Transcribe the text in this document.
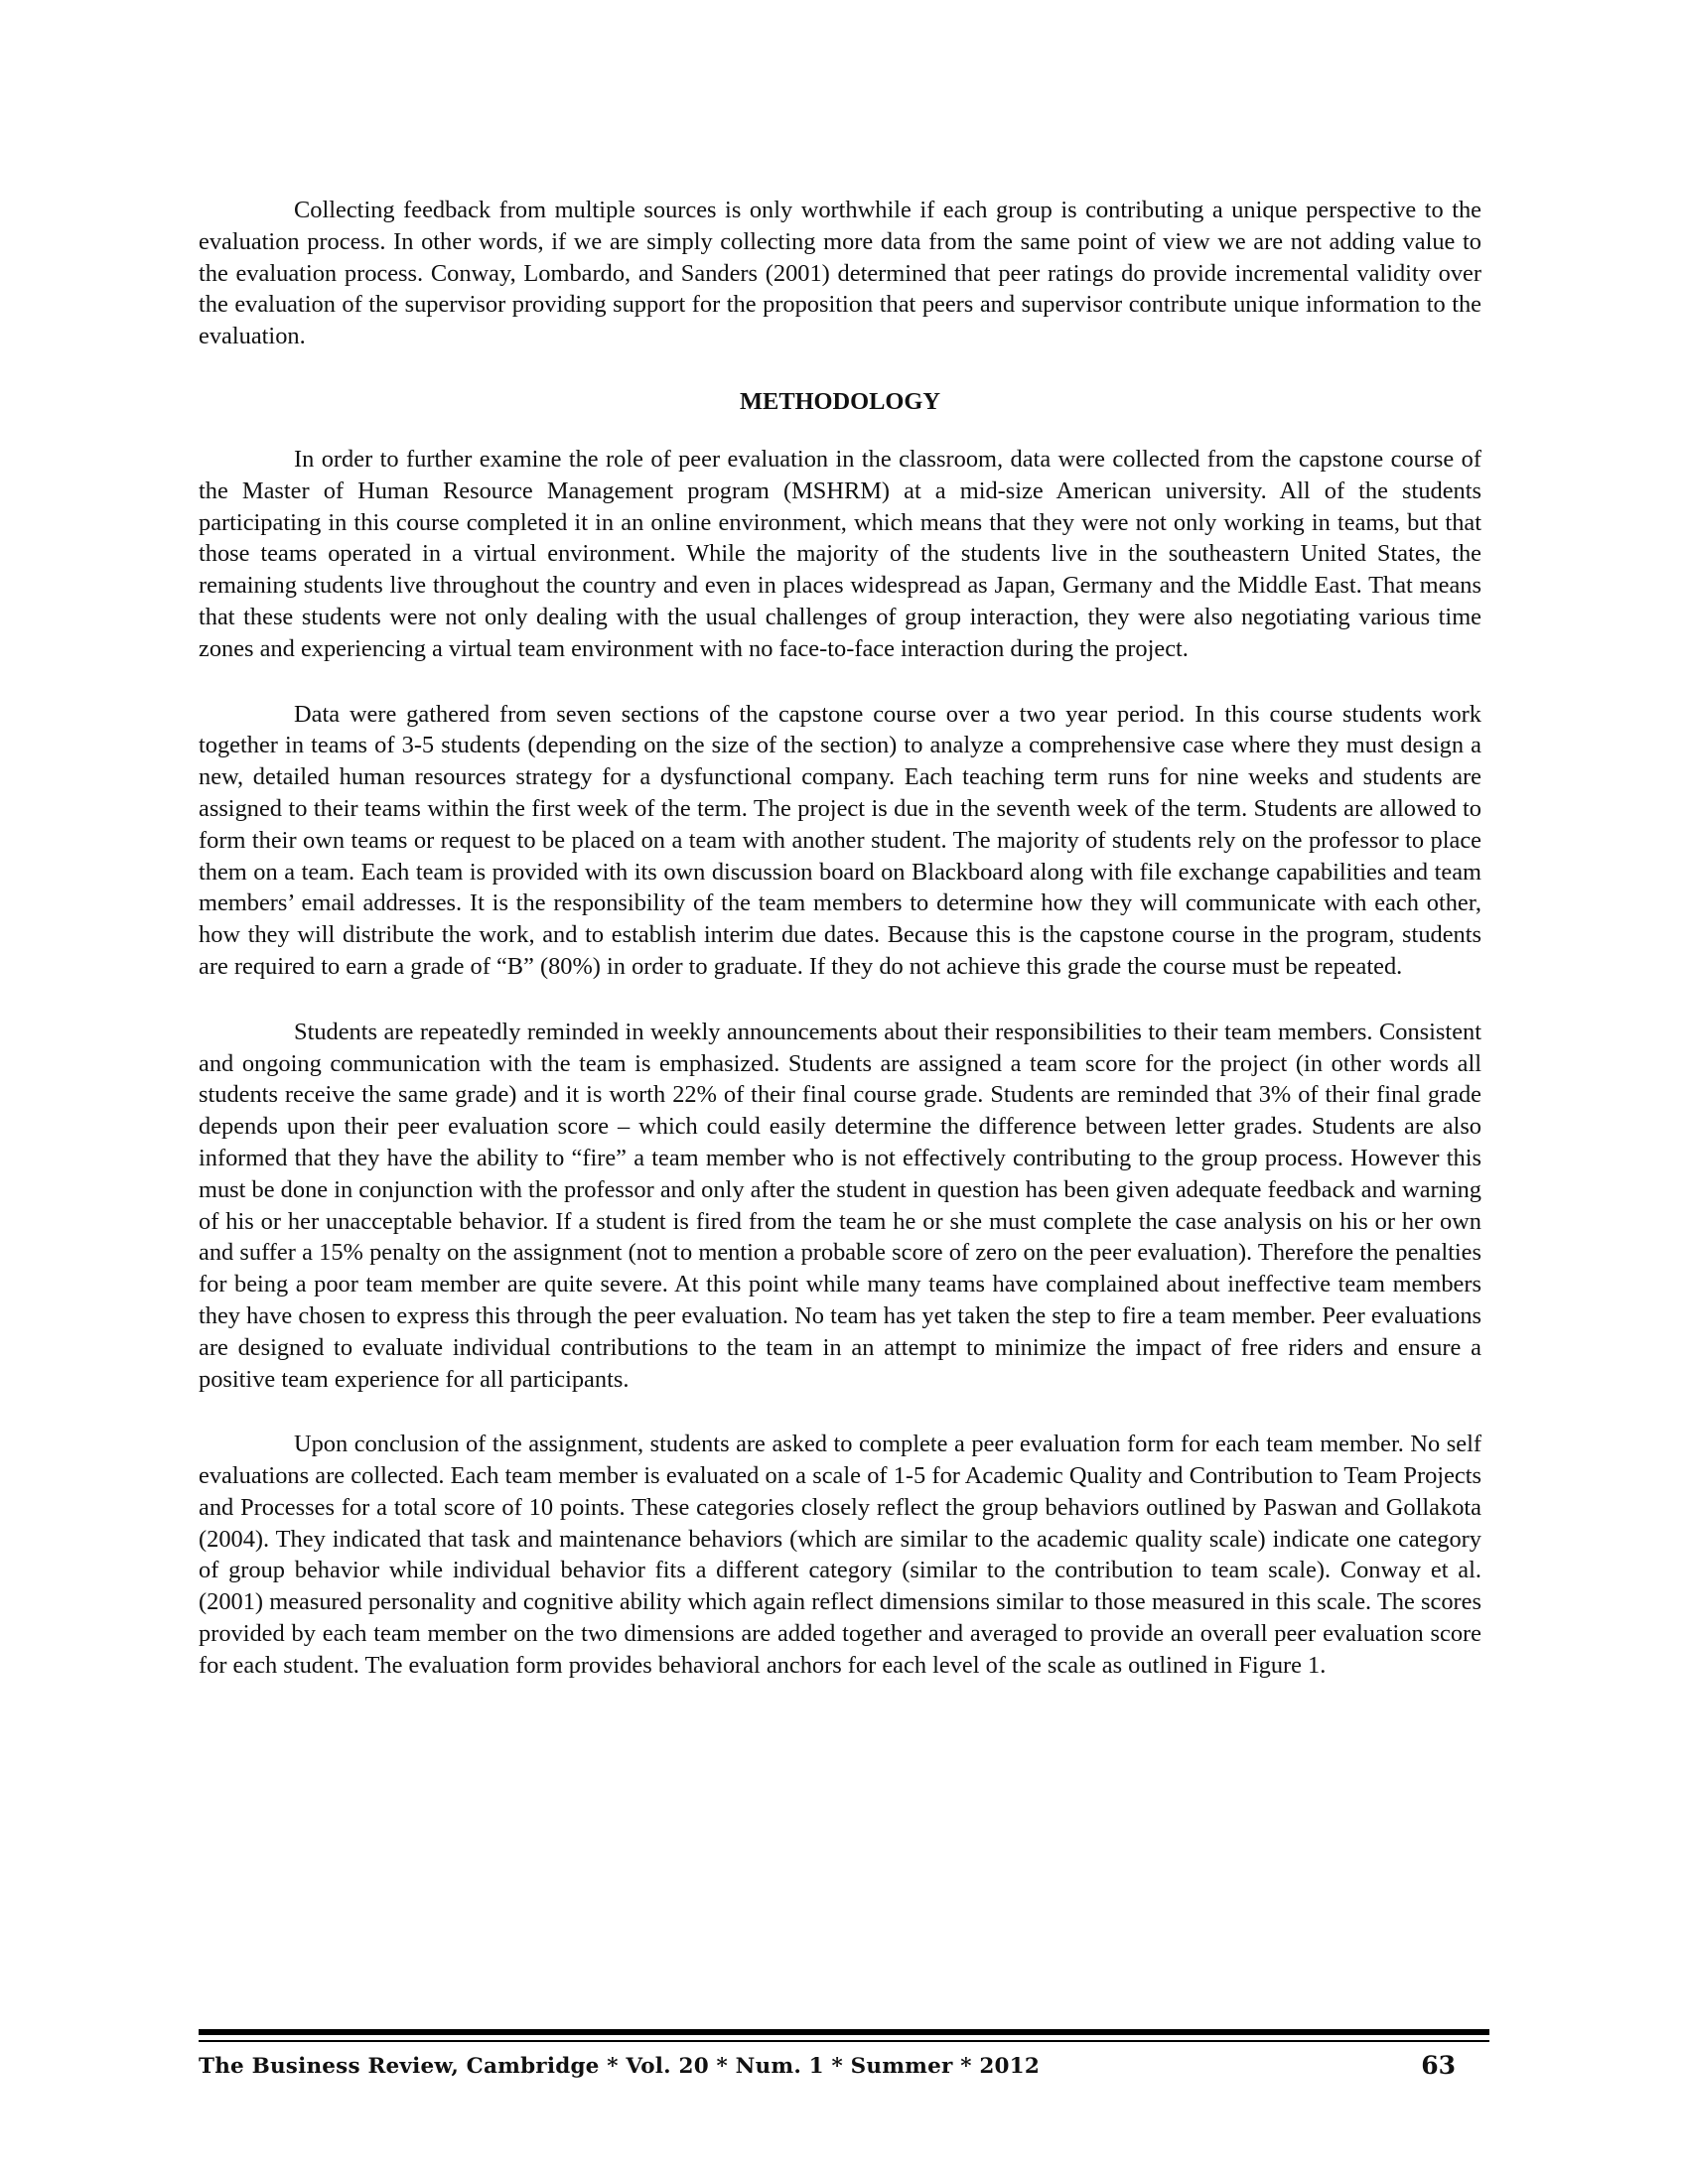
Collecting feedback from multiple sources is only worthwhile if each group is contributing a unique perspective to the evaluation process. In other words, if we are simply collecting more data from the same point of view we are not adding value to the evaluation process. Conway, Lombardo, and Sanders (2001) determined that peer ratings do provide incremental validity over the evaluation of the supervisor providing support for the proposition that peers and supervisor contribute unique information to the evaluation.

METHODOLOGY

In order to further examine the role of peer evaluation in the classroom, data were collected from the capstone course of the Master of Human Resource Management program (MSHRM) at a mid-size American university. All of the students participating in this course completed it in an online environment, which means that they were not only working in teams, but that those teams operated in a virtual environment. While the majority of the students live in the southeastern United States, the remaining students live throughout the country and even in places widespread as Japan, Germany and the Middle East. That means that these students were not only dealing with the usual challenges of group interaction, they were also negotiating various time zones and experiencing a virtual team environment with no face-to-face interaction during the project.

Data were gathered from seven sections of the capstone course over a two year period. In this course students work together in teams of 3-5 students (depending on the size of the section) to analyze a comprehensive case where they must design a new, detailed human resources strategy for a dysfunctional company. Each teaching term runs for nine weeks and students are assigned to their teams within the first week of the term. The project is due in the seventh week of the term. Students are allowed to form their own teams or request to be placed on a team with another student. The majority of students rely on the professor to place them on a team. Each team is provided with its own discussion board on Blackboard along with file exchange capabilities and team members’ email addresses. It is the responsibility of the team members to determine how they will communicate with each other, how they will distribute the work, and to establish interim due dates. Because this is the capstone course in the program, students are required to earn a grade of “B” (80%) in order to graduate. If they do not achieve this grade the course must be repeated.

Students are repeatedly reminded in weekly announcements about their responsibilities to their team members. Consistent and ongoing communication with the team is emphasized. Students are assigned a team score for the project (in other words all students receive the same grade) and it is worth 22% of their final course grade. Students are reminded that 3% of their final grade depends upon their peer evaluation score – which could easily determine the difference between letter grades. Students are also informed that they have the ability to “fire” a team member who is not effectively contributing to the group process. However this must be done in conjunction with the professor and only after the student in question has been given adequate feedback and warning of his or her unacceptable behavior. If a student is fired from the team he or she must complete the case analysis on his or her own and suffer a 15% penalty on the assignment (not to mention a probable score of zero on the peer evaluation). Therefore the penalties for being a poor team member are quite severe. At this point while many teams have complained about ineffective team members they have chosen to express this through the peer evaluation. No team has yet taken the step to fire a team member. Peer evaluations are designed to evaluate individual contributions to the team in an attempt to minimize the impact of free riders and ensure a positive team experience for all participants.

Upon conclusion of the assignment, students are asked to complete a peer evaluation form for each team member. No self evaluations are collected. Each team member is evaluated on a scale of 1-5 for Academic Quality and Contribution to Team Projects and Processes for a total score of 10 points. These categories closely reflect the group behaviors outlined by Paswan and Gollakota (2004). They indicated that task and maintenance behaviors (which are similar to the academic quality scale) indicate one category of group behavior while individual behavior fits a different category (similar to the contribution to team scale). Conway et al. (2001) measured personality and cognitive ability which again reflect dimensions similar to those measured in this scale. The scores provided by each team member on the two dimensions are added together and averaged to provide an overall peer evaluation score for each student. The evaluation form provides behavioral anchors for each level of the scale as outlined in Figure 1.

The Business Review, Cambridge * Vol. 20 * Num. 1 * Summer * 2012	63
